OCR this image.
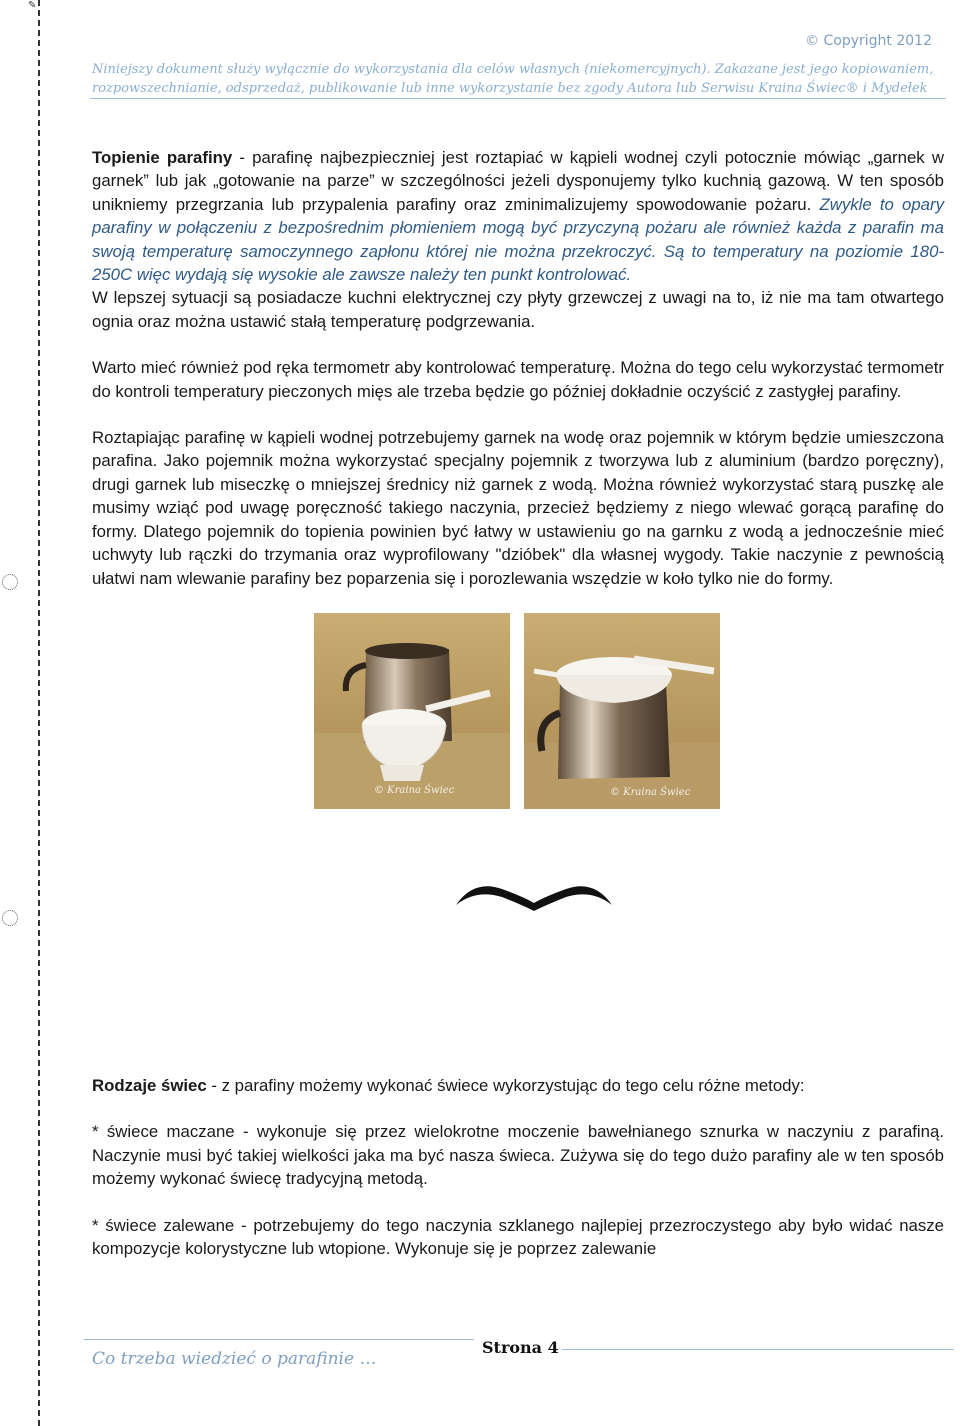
✎
© Copyright 2012
Niniejszy dokument służy wyłącznie do wykorzystania dla celów własnych (niekomercyjnych). Zakazane jest jego kopiowaniem,
rozpowszechnianie, odsprzedaż, publikowanie lub inne wykorzystanie bez zgody Autora lub Serwisu Kraina Świec® i Mydełek

Topienie parafiny - parafinę najbezpieczniej jest roztapiać w kąpieli wodnej czyli potocznie mówiąc „garnek w garnek” lub jak „gotowanie na parze” w szczególności jeżeli dysponujemy tylko kuchnią gazową. W ten sposób unikniemy przegrzania lub przypalenia parafiny oraz zminimalizujemy spowodowanie pożaru. Zwykle to opary parafiny w połączeniu z bezpośrednim płomieniem mogą być przyczyną pożaru ale również każda z parafin ma swoją temperaturę samoczynnego zapłonu której nie można przekroczyć. Są to temperatury na poziomie 180-250C więc wydają się wysokie ale zawsze należy ten punkt kontrolować.

W lepszej sytuacji są posiadacze kuchni elektrycznej czy płyty grzewczej z uwagi na to, iż nie ma tam otwartego ognia oraz można ustawić stałą temperaturę podgrzewania.

Warto mieć również pod ręka termometr aby kontrolować temperaturę. Można do tego celu wykorzystać termometr do kontroli temperatury pieczonych mięs ale trzeba będzie go później dokładnie oczyścić z zastygłej parafiny.

Roztapiając parafinę w kąpieli wodnej potrzebujemy garnek na wodę oraz pojemnik w którym będzie umieszczona parafina. Jako pojemnik można wykorzystać specjalny pojemnik z tworzywa lub z aluminium (bardzo poręczny), drugi garnek lub miseczkę o mniejszej średnicy niż garnek z wodą. Można również wykorzystać starą puszkę ale musimy wziąć pod uwagę poręczność takiego naczynia, przecież będziemy z niego wlewać gorącą parafinę do formy. Dlatego pojemnik do topienia powinien być łatwy w ustawieniu go na garnku z wodą a jednocześnie mieć uchwyty lub rączki do trzymania oraz wyprofilowany "dzióbek" dla własnej wygody. Takie naczynie z pewnością ułatwi nam wlewanie parafiny bez poparzenia się i porozlewania wszędzie w koło tylko nie do formy.

© Kraina Świec	© Kraina Świec

Rodzaje świec - z parafiny możemy wykonać świece wykorzystując do tego celu różne metody:

* świece maczane - wykonuje się przez wielokrotne moczenie bawełnianego sznurka w naczyniu z parafiną. Naczynie musi być takiej wielkości jaka ma być nasza świeca. Zużywa się do tego dużo parafiny ale w ten sposób możemy wykonać świecę tradycyjną metodą.

* świece zalewane - potrzebujemy do tego naczynia szklanego najlepiej przezroczystego aby było widać nasze kompozycje kolorystyczne lub wtopione. Wykonuje się je poprzez zalewanie

Co trzeba wiedzieć o parafinie …
Strona 4
